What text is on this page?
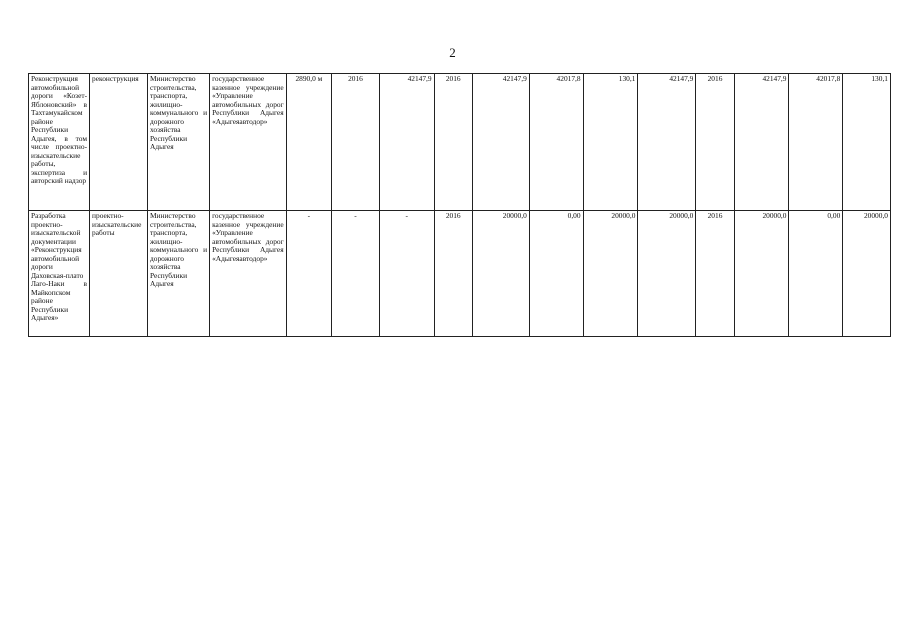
2
Реконструкция автомобильной дороги «Козет-Яблоновский» в Тахтамукайском районе Республики Адыгея, в том числе проектно-изыскательские работы, экспертиза и авторский надзор	реконструкция	Министерство строительства, транспорта, жилищно-коммунального и дорожного хозяйства Республики Адыгея	государственное казенное учреждение «Управление автомобильных дорог Республики Адыгея «Адыгеяавтодор»	2890,0 м	2016	42147,9	2016	42147,9	42017,8	130,1	42147,9	2016	42147,9	42017,8	130,1
Разработка проектно-изыскательской документации «Реконструкция автомобильной дороги Даховская-плато Лаго-Наки в Майкопском районе Республики Адыгея»	проектно-изыскательские работы	Министерство строительства, транспорта, жилищно-коммунального и дорожного хозяйства Республики Адыгея	государственное казенное учреждение «Управление автомобильных дорог Республики Адыгея «Адыгеяавтодор»	-	-	-	2016	20000,0	0,00	20000,0	20000,0	2016	20000,0	0,00	20000,0
